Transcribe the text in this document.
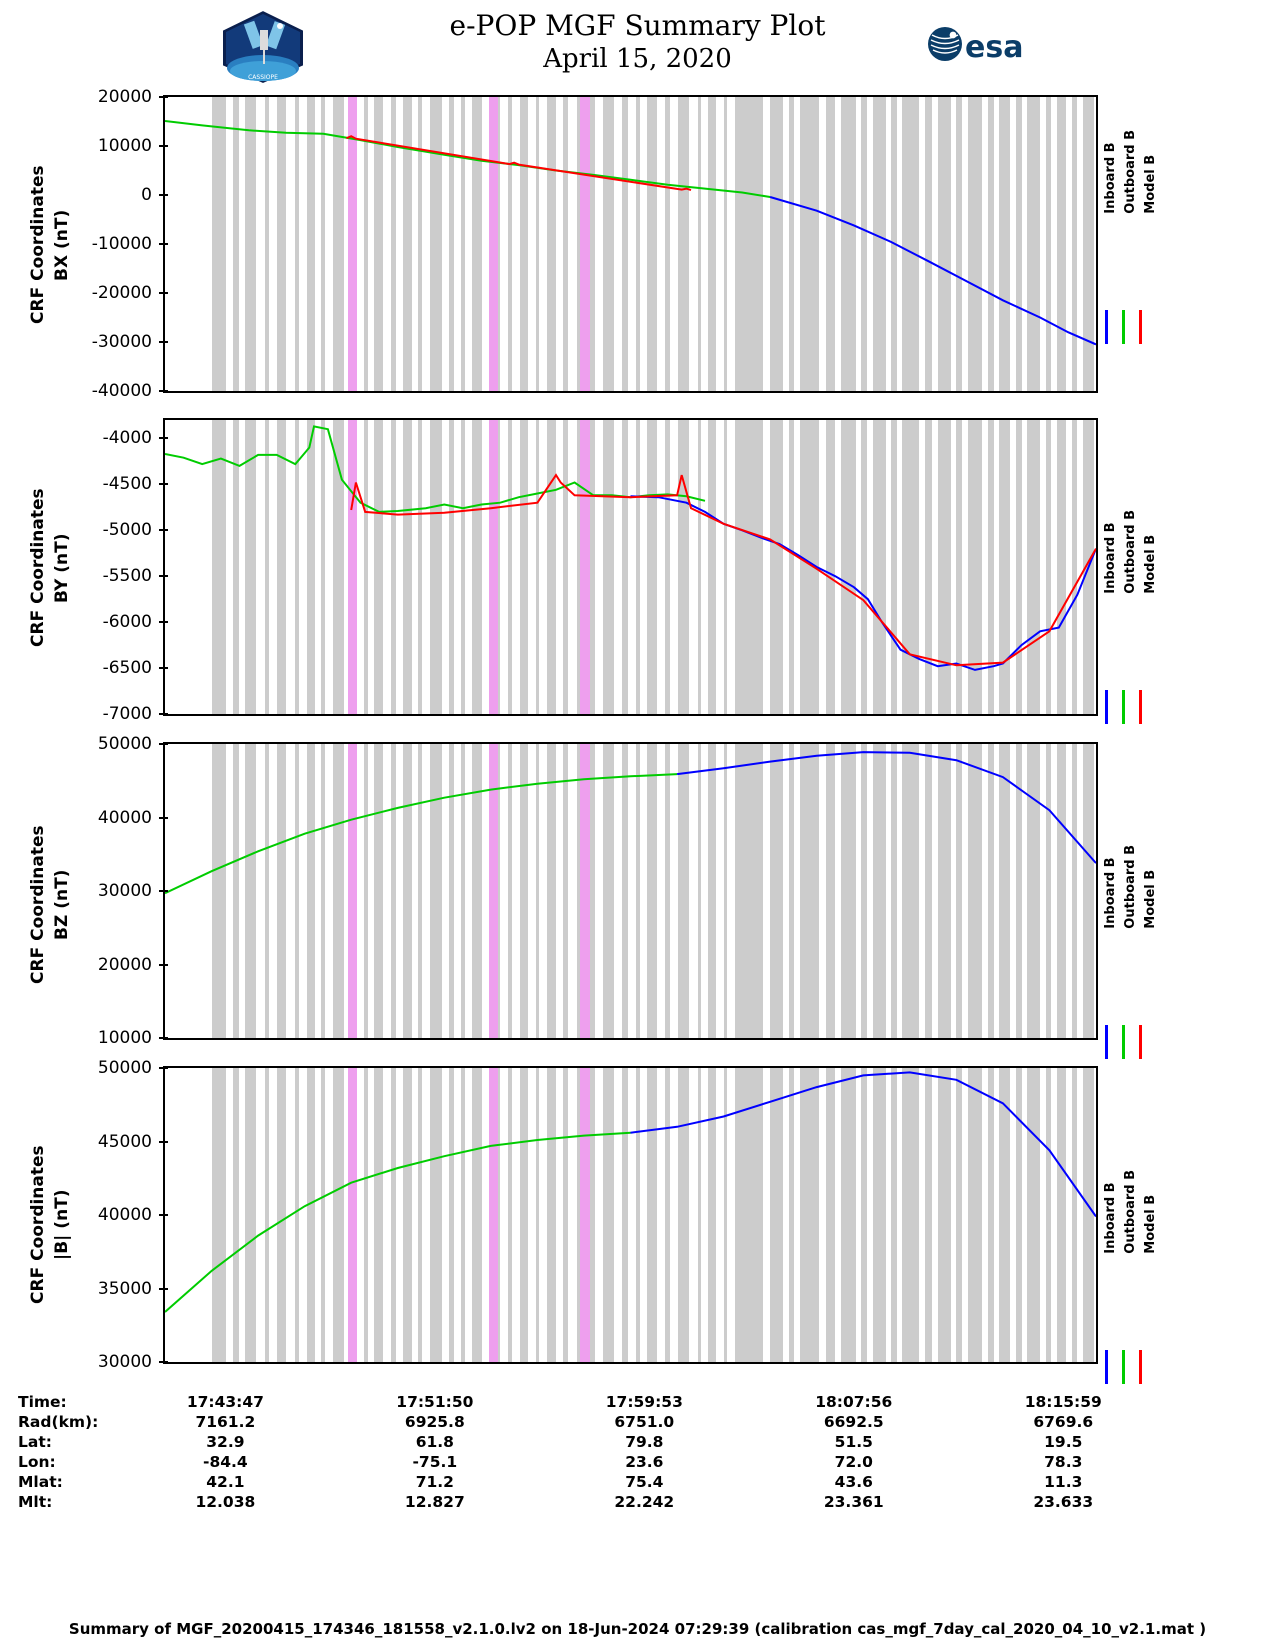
e-POP MGF Summary Plot
April 15, 2020
CASSIOPE
esa
CRF Coordinates BX (nT)
20000
10000
0
-10000
-20000
-30000
-40000
Inboard B Outboard B Model B
CRF Coordinates BY (nT)
-4000
-4500
-5000
-5500
-6000
-6500
-7000
Inboard B Outboard B Model B
CRF Coordinates BZ (nT)
50000
40000
30000
20000
10000
Inboard B Outboard B Model B
CRF Coordinates |B| (nT)
50000
45000
40000
35000
30000
Inboard B Outboard B Model B
Time:	17:43:47	17:51:50	17:59:53	18:07:56	18:15:59
Rad(km):	7161.2	6925.8	6751.0	6692.5	6769.6
Lat:	32.9	61.8	79.8	51.5	19.5
Lon:	-84.4	-75.1	23.6	72.0	78.3
Mlat:	42.1	71.2	75.4	43.6	11.3
Mlt:	12.038	12.827	22.242	23.361	23.633
Summary of MGF_20200415_174346_181558_v2.1.0.lv2 on 18-Jun-2024 07:29:39 (calibration cas_mgf_7day_cal_2020_04_10_v2.1.mat )
